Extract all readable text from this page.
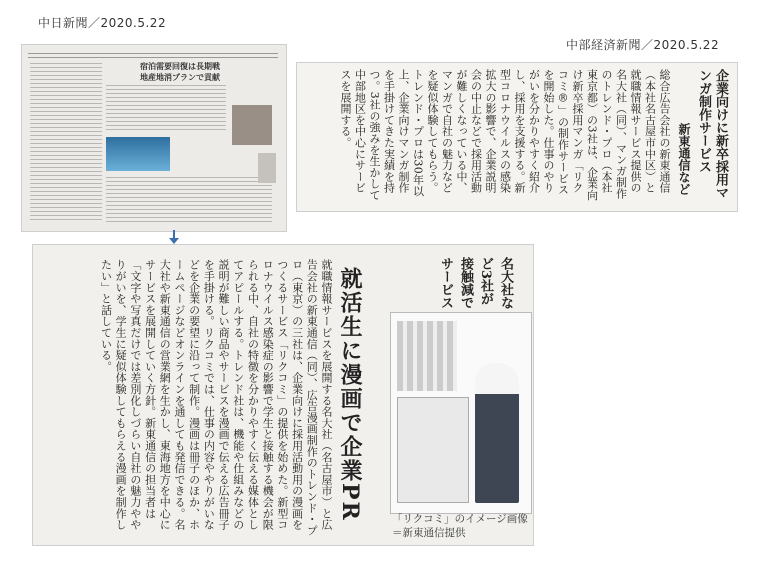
中日新聞／2020.5.22
中部経済新聞／2020.5.22
宿泊需要回復は長期戦
地産地消プランで貢献	企業向けに新卒採用マンガ制作サービス
新東通信など
総合広告会社の新東通信（本社名古屋市中区）と就職情報サービス提供の名大社（同）、マンガ制作のトレンド・プロ（本社東京都）の3社は、企業向け新卒採用マンガ「リクコミ®」の制作サービスを開始した。仕事のやりがいを分かりやすく紹介し、採用を支援する。新型コロナウイルスの感染拡大の影響で、企業説明会の中止などで採用活動が難しくなっている中、マンガで自社の魅力などを疑似体験してもらう。トレンド・プロは30年以上、企業向けマンガ制作を手掛けてきた実績を持つ。3社の強みを生かして中部地区を中心にサービスを展開する。
名大社など3社が接触減でサービス
就活生に漫画で企業PR
就職情報サービスを展開する名大社（名古屋市）と広告会社の新東通信（同）、広告漫画制作のトレンド・プロ（東京）の三社は、企業向けに採用活動用の漫画をつくるサービス「リクコミ」の提供を始めた。新型コロナウイルス感染症の影響で学生と接触する機会が限られる中、自社の特徴を分かりやすく伝える媒体としてアピールする。トレンド社は、機能や仕組みなどの説明が難しい商品やサービスを漫画で伝える広告冊子を手掛ける。リクコミでは、仕事の内容ややりがいなどを企業の要望に沿って制作。漫画は冊子のほか、ホームページなどオンラインを通しても発信できる。名大社や新東通信の営業網を生かし、東海地方を中心にサービスを展開していく方針。新東通信の担当者は「文字や写真だけでは差別化しづらい自社の魅力ややりがいを、学生に疑似体験してもらえる漫画を制作したい」と話している。
「リクコミ」のイメージ画像＝新東通信提供
